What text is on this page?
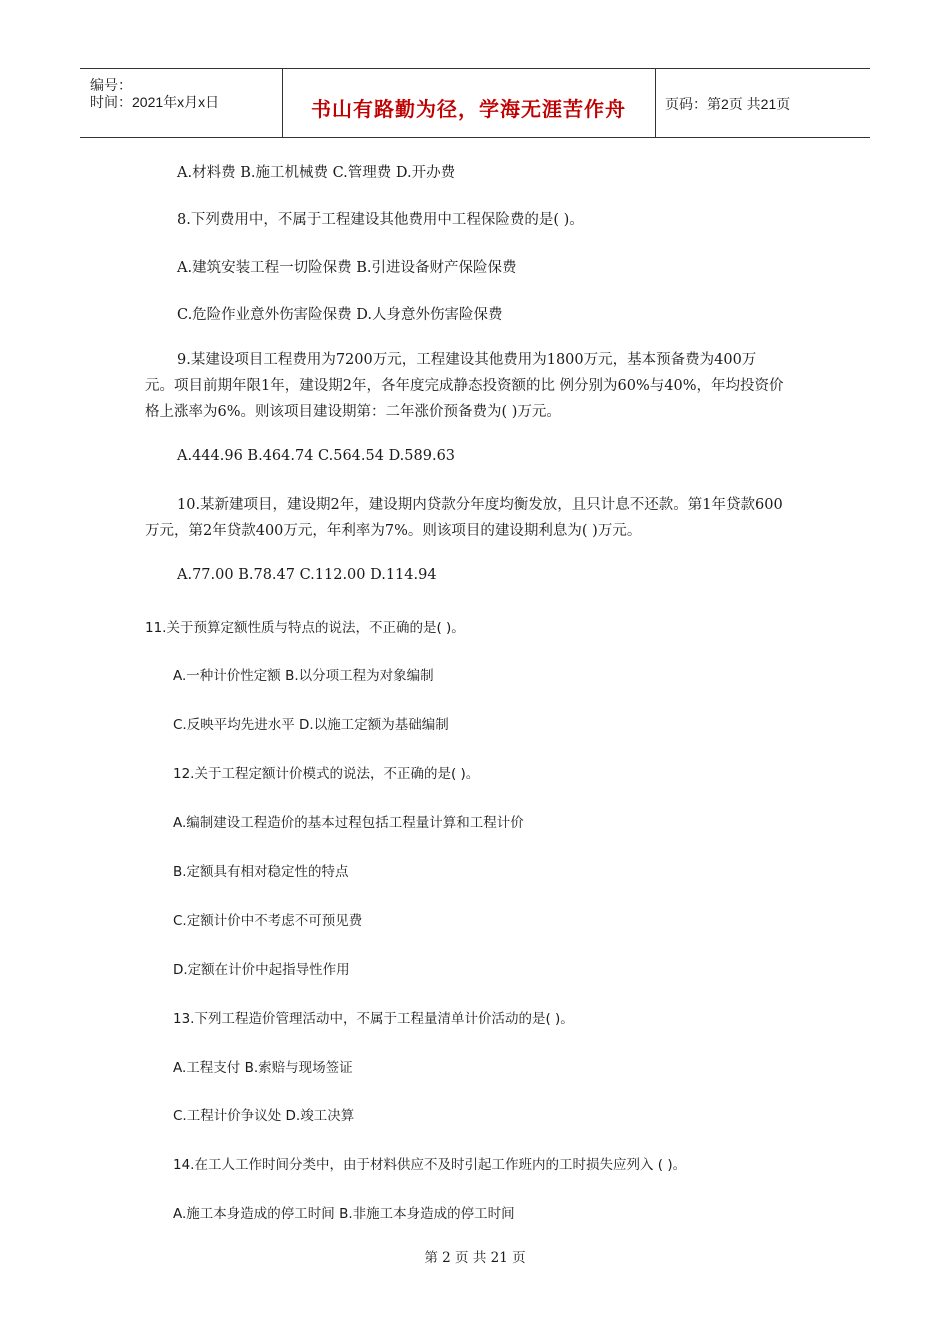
编号：
时间：2021年x月x日	书山有路勤为径，学海无涯苦作舟	页码：第2页 共21页
A.材料费 B.施工机械费 C.管理费 D.开办费
8.下列费用中，不属于工程建设其他费用中工程保险费的是( )。
A.建筑安装工程一切险保费 B.引进设备财产保险保费
C.危险作业意外伤害险保费 D.人身意外伤害险保费
9.某建设项目工程费用为7200万元，工程建设其他费用为1800万元，基本预备费为400万元。项目前期年限1年，建设期2年，各年度完成静态投资额的比 例分别为60%与40%，年均投资价格上涨率为6%。则该项目建设期第：二年涨价预备费为( )万元。
A.444.96 B.464.74 C.564.54 D.589.63
10.某新建项目，建设期2年，建设期内贷款分年度均衡发放，且只计息不还款。第1年贷款600万元，第2年贷款400万元，年利率为7%。则该项目的建设期利息为( )万元。
A.77.00 B.78.47 C.112.00 D.114.94
11.关于预算定额性质与特点的说法，不正确的是( )。
A.一种计价性定额 B.以分项工程为对象编制
C.反映平均先进水平 D.以施工定额为基础编制
12.关于工程定额计价模式的说法，不正确的是( )。
A.编制建设工程造价的基本过程包括工程量计算和工程计价
B.定额具有相对稳定性的特点
C.定额计价中不考虑不可预见费
D.定额在计价中起指导性作用
13.下列工程造价管理活动中，不属于工程量清单计价活动的是( )。
A.工程支付 B.索赔与现场签证
C.工程计价争议处 D.竣工决算
14.在工人工作时间分类中，由于材料供应不及时引起工作班内的工时损失应列入 ( )。
A.施工本身造成的停工时间 B.非施工本身造成的停工时间
第 2 页 共 21 页
